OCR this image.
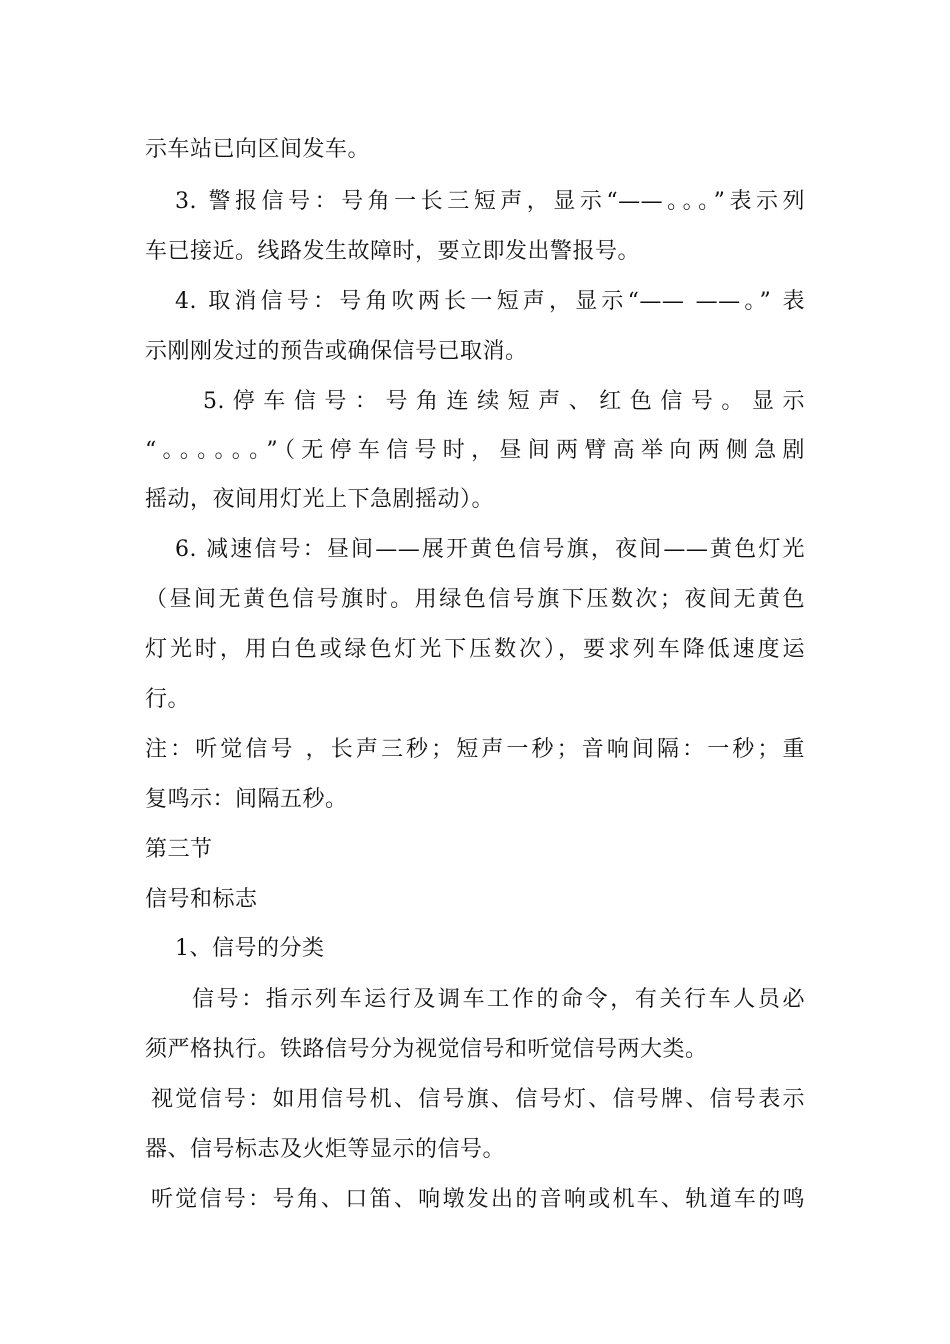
示车站已向区间发车。
3. 警报信号：号角一长三短声，显示“——。。。”表示列
车已接近。线路发生故障时，要立即发出警报号。
4. 取消信号：号角吹两长一短声，显示“—— ——。” 表
示刚刚发过的预告或确保信号已取消。
5. 停 车 信 号 ： 号 角 连 续 短 声 、 红 色 信 号 。 显 示
“。。。。。。”（无停车信号时，昼间两臂高举向两侧急剧
摇动，夜间用灯光上下急剧摇动）。
6. 减速信号：昼间——展开黄色信号旗，夜间——黄色灯光
（昼间无黄色信号旗时。用绿色信号旗下压数次；夜间无黄色
灯光时，用白色或绿色灯光下压数次），要求列车降低速度运
行。
注：听觉信号 ，长声三秒；短声一秒；音响间隔：一秒；重
复鸣示：间隔五秒。
第三节
信号和标志
1、信号的分类
信号：指示列车运行及调车工作的命令，有关行车人员必
须严格执行。铁路信号分为视觉信号和听觉信号两大类。
视觉信号：如用信号机、信号旗、信号灯、信号牌、信号表示
器、信号标志及火炬等显示的信号。
听觉信号：号角、口笛、响墩发出的音响或机车、轨道车的鸣
